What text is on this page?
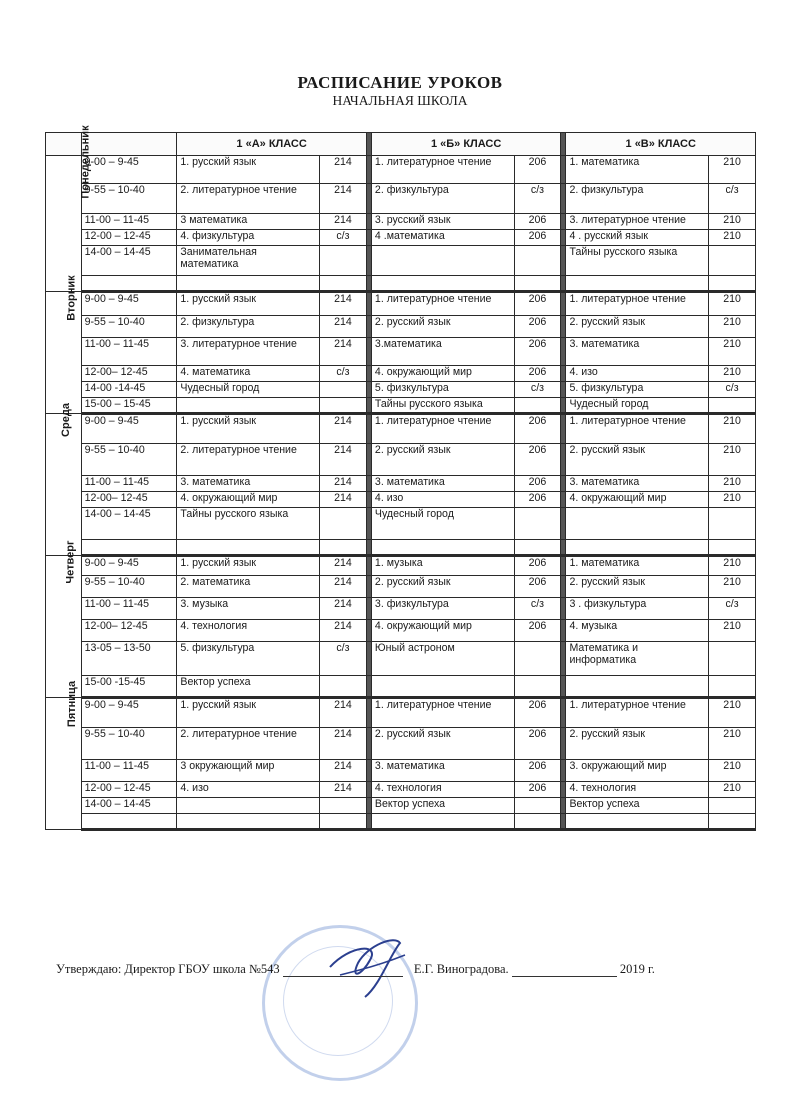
РАСПИСАНИЕ УРОКОВ
НАЧАЛЬНАЯ ШКОЛА
		1 «А» КЛАСС			1 «Б» КЛАСС			1 «В» КЛАСС	
Понедельник	9-00 – 9-45	1. русский язык	214		1. литературное чтение	206		1. математика	210
	9-55 – 10-40	2. литературное чтение	214		2. физкультура	с/з		2. физкультура	с/з
	11-00 – 11-45	3 математика	214		3. русский язык	206		3. литературное чтение	210
	12-00 – 12-45	4. физкультура	с/з		4 .математика	206		4 . русский язык	210
	14-00 – 14-45	Занимательная математика						Тайны русского языка	

Вторник	9-00 – 9-45	1. русский язык	214		1. литературное чтение	206		1. литературное чтение	210
	9-55 – 10-40	2. физкультура	214		2. русский язык	206		2. русский язык	210
	11-00 – 11-45	3. литературное чтение	214		3.математика	206		3. математика	210
	12-00– 12-45	4. математика	с/з		4. окружающий мир	206		4. изо	210
	14-00 -14-45	Чудесный город			5. физкультура	с/з		5. физкультура	с/з
	15-00 – 15-45				Тайны русского языка			Чудесный город	
Среда	9-00 – 9-45	1. русский язык	214		1. литературное чтение	206		1. литературное чтение	210
	9-55 – 10-40	2. литературное чтение	214		2. русский язык	206		2. русский язык	210
	11-00 – 11-45	3. математика	214		3. математика	206		3. математика	210
	12-00– 12-45	4. окружающий мир	214		4. изо	206		4. окружающий мир	210
	14-00 – 14-45	Тайны русского языка			Чудесный город				

Четверг	9-00 – 9-45	1. русский язык	214		1. музыка	206		1. математика	210
	9-55 – 10-40	2. математика	214		2. русский язык	206		2. русский язык	210
	11-00 – 11-45	3. музыка	214		3. физкультура	с/з		3 . физкультура	с/з
	12-00– 12-45	4. технология	214		4. окружающий мир	206		4. музыка	210
	13-05 – 13-50	5. физкультура	с/з		Юный астроном			Математика и информатика	
	15-00 -15-45	Вектор успеха							
Пятница	9-00 – 9-45	1. русский язык	214		1. литературное чтение	206		1. литературное чтение	210
	9-55 – 10-40	2. литературное чтение	214		2. русский язык	206		2. русский язык	210
	11-00 – 11-45	3 окружающий мир	214		3. математика	206		3. окружающий мир	210
	12-00 – 12-45	4. изо	214		4. технология	206		4. технология	210
	14-00 – 14-45				Вектор успеха			Вектор успеха	

Утверждаю: Директор ГБОУ школа №543	Е.Г. Виноградова.	2019 г.
